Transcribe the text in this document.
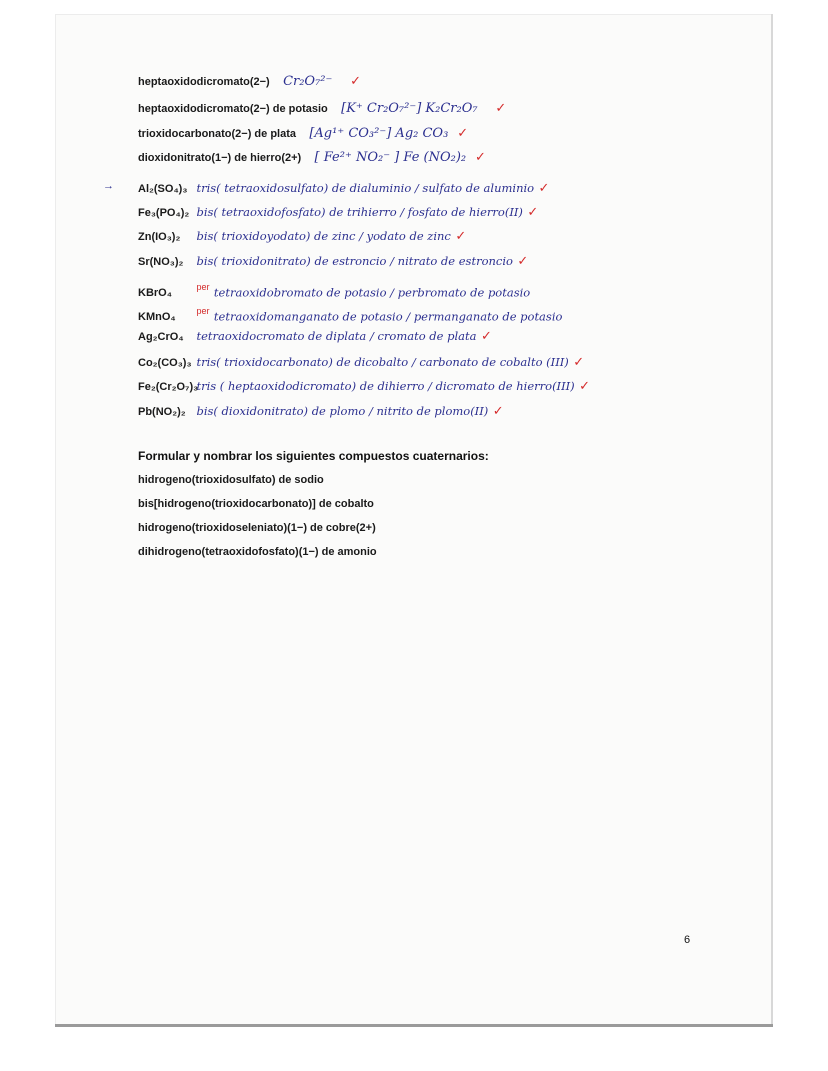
heptaoxidodicromato(2−) Cr₂O₇²⁻ ✓
heptaoxidodicromato(2−) de potasio [K⁺ Cr₂O₇²⁻] K₂Cr₂O₇ ✓
trioxidocarbonato(2−) de plata [Ag¹⁺ CO₃²⁻] Ag₂ CO₃ ✓
dioxidonitrato(1−) de hierro(2+) [ Fe²⁺ NO₂⁻ ] Fe (NO₂)₂ ✓
→ Al₂(SO₄)₃ tris( tetraoxidosulfato) de dialuminio / sulfato de aluminio ✓
Fe₃(PO₄)₂ bis( tetraoxidofosfato) de trihierro / fosfato de hierro(II) ✓
Zn(IO₃)₂ bis( trioxidoyodato) de zinc / yodato de zinc ✓
Sr(NO₃)₂ bis( trioxidonitrato) de estroncio / nitrato de estroncio ✓
KBrO₄ $^{per}$ tetraoxidobromato de potasio / perbromato de potasio
KMnO₄ $^{per}$ tetraoxidomanganato de potasio / permanganato de potasio
Ag₂CrO₄ tetraoxidocromato de diplata / cromato de plata ✓
Co₂(CO₃)₃ tris( trioxidocarbonato) de dicobalto / carbonato de cobalto (III) ✓
Fe₂(Cr₂O₇)₃ tris ( heptaoxidodicromato) de dihierro / dicromato de hierro(III) ✓
Pb(NO₂)₂ bis( dioxidonitrato) de plomo / nitrito de plomo(II) ✓
Formular y nombrar los siguientes compuestos cuaternarios:
hidrogeno(trioxidosulfato) de sodio
bis[hidrogeno(trioxidocarbonato)] de cobalto
hidrogeno(trioxidoseleniato)(1−) de cobre(2+)
dihidrogeno(tetraoxidofosfato)(1−) de amonio
6
